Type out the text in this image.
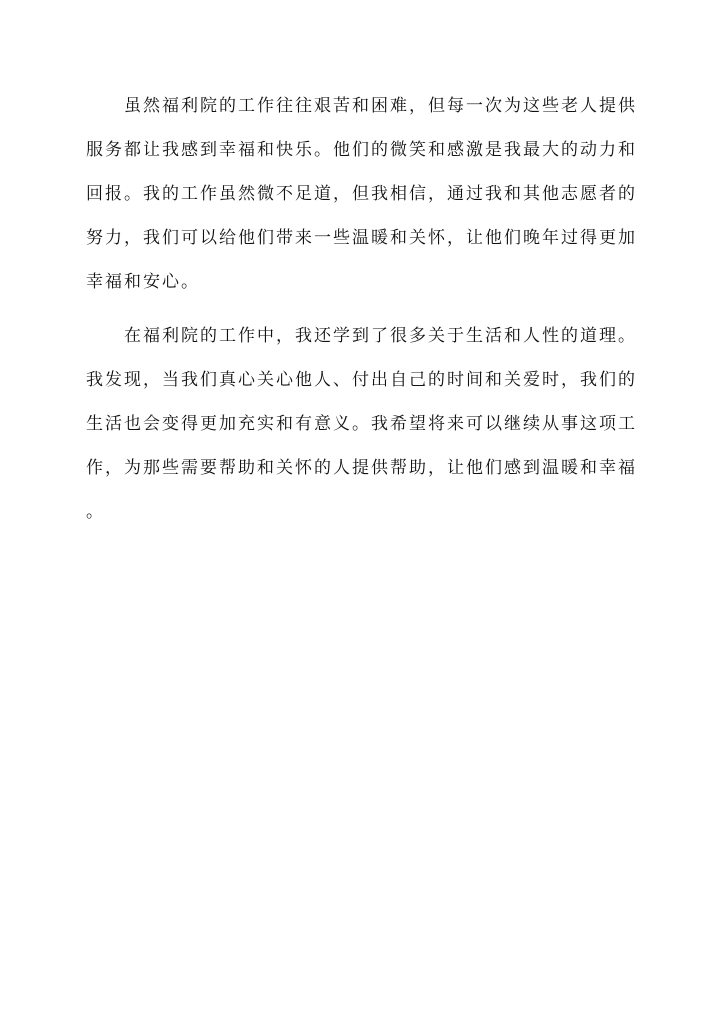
虽然福利院的工作往往艰苦和困难，但每一次为这些老人提供
服务都让我感到幸福和快乐。他们的微笑和感激是我最大的动力和
回报。我的工作虽然微不足道，但我相信，通过我和其他志愿者的
努力，我们可以给他们带来一些温暖和关怀，让他们晚年过得更加
幸福和安心。

在福利院的工作中，我还学到了很多关于生活和人性的道理。
我发现，当我们真心关心他人、付出自己的时间和关爱时，我们的
生活也会变得更加充实和有意义。我希望将来可以继续从事这项工
作，为那些需要帮助和关怀的人提供帮助，让他们感到温暖和幸福
。
